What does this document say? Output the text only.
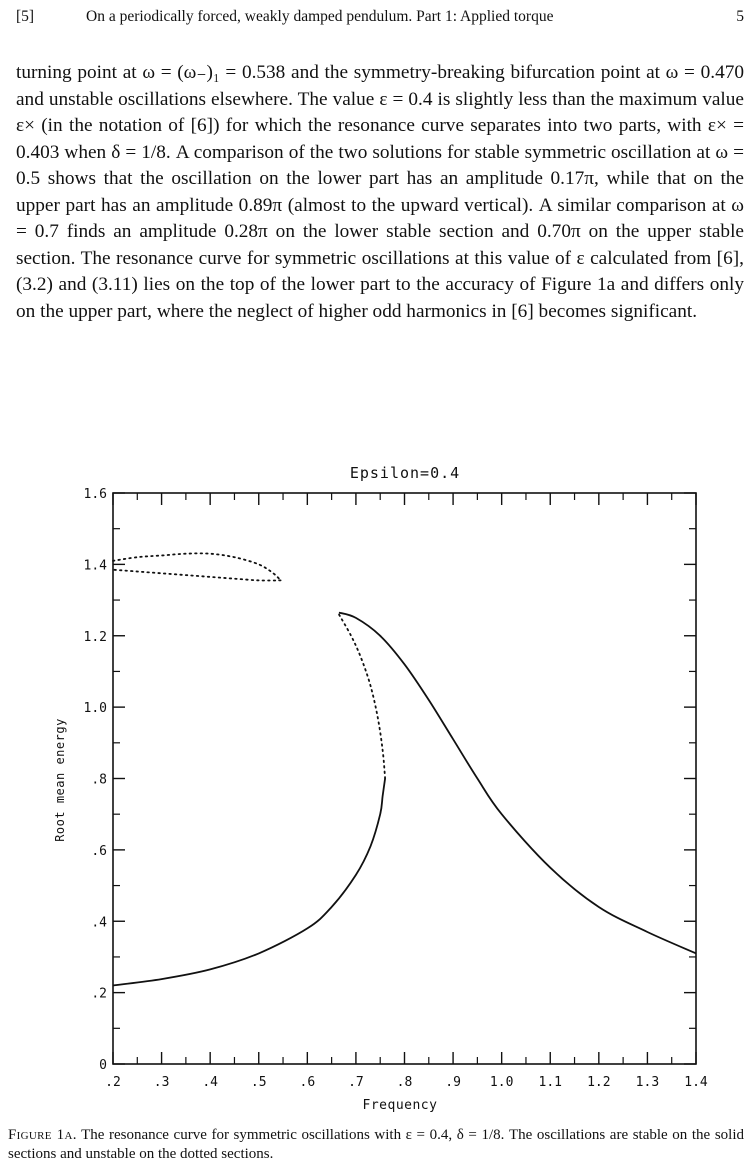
[5]	On a periodically forced, weakly damped pendulum. Part 1: Applied torque	5

turning point at ω = (ω₋)₁ = 0.538 and the symmetry-breaking bifurcation point at ω = 0.470 and unstable oscillations elsewhere. The value ε = 0.4 is slightly less than the maximum value ε× (in the notation of [6]) for which the resonance curve separates into two parts, with ε× = 0.403 when δ = 1/8. A comparison of the two solutions for stable symmetric oscillation at ω = 0.5 shows that the oscillation on the lower part has an amplitude 0.17π, while that on the upper part has an amplitude 0.89π (almost to the upward vertical). A similar comparison at ω = 0.7 finds an amplitude 0.28π on the lower stable section and 0.70π on the upper stable section. The resonance curve for symmetric oscillations at this value of ε calculated from [6], (3.2) and (3.11) lies on the top of the lower part to the accuracy of Figure 1a and differs only on the upper part, where the neglect of higher odd harmonics in [6] becomes significant.

Epsilon=0.4
.2	.3	.4	.5	.6	.7	.8	.9 1.0 1.1 1.2 1.3 1.4
0
.2
.4
.6
.8
1.0
1.2
1.4
1.6
Frequency
Root mean energy
Figure 1a. The resonance curve for symmetric oscillations with ε = 0.4, δ = 1/8. The oscillations are stable on the solid sections and unstable on the dotted sections.
